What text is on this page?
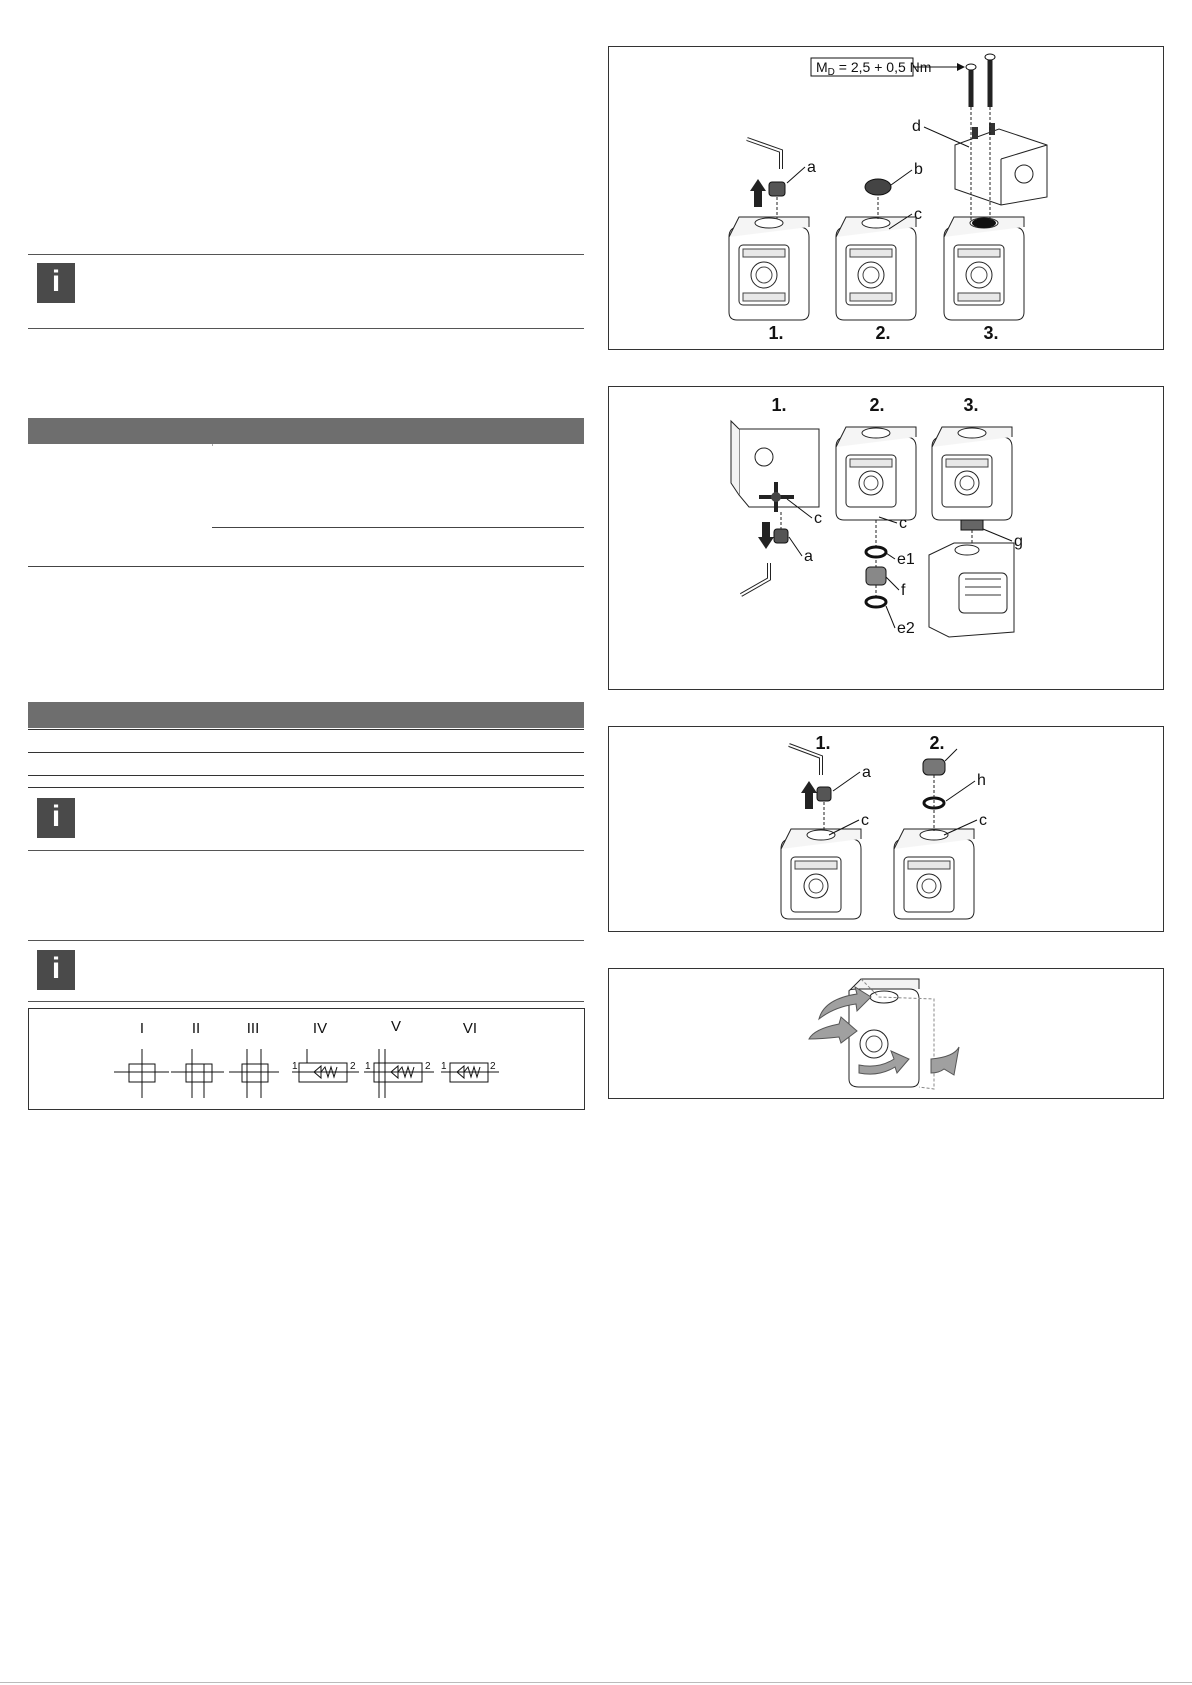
i
i
i
I	II	III	IV	V	VI
1	2 1	2 1	2
$M_D = 2,5 + 0,5$ Nm
a	b
c
d
1.	2.	3.
c
a
c
e1
f
e2
g
1.	2.	3.
a
c
h
c
1.	2.
